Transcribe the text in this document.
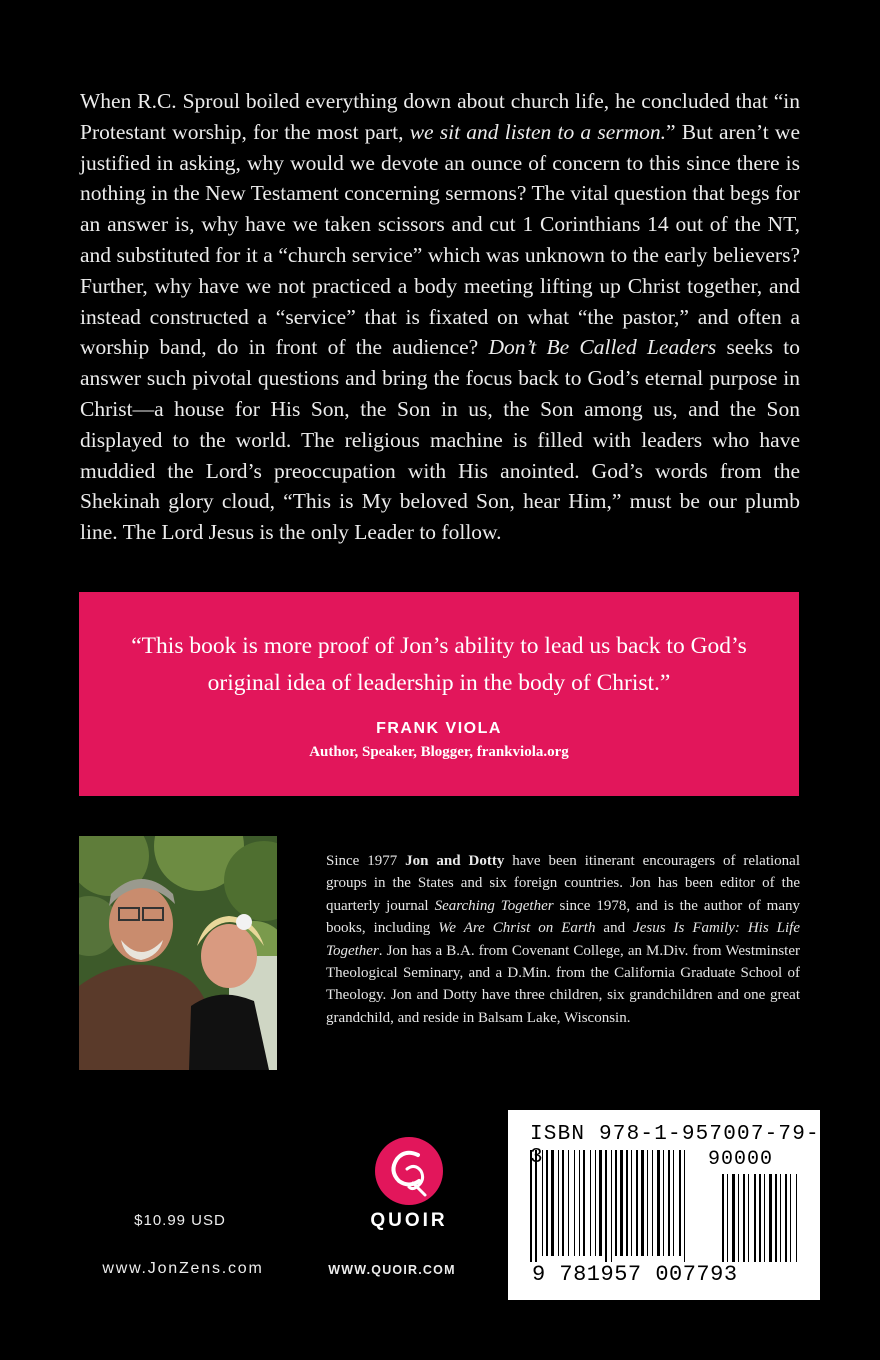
When R.C. Sproul boiled everything down about church life, he concluded that “in Protestant worship, for the most part, we sit and listen to a sermon.” But aren’t we justified in asking, why would we devote an ounce of concern to this since there is nothing in the New Testament concerning sermons? The vital question that begs for an answer is, why have we taken scissors and cut 1 Corinthians 14 out of the NT, and substituted for it a “church service” which was unknown to the early believers? Further, why have we not practiced a body meeting lifting up Christ together, and instead constructed a “service” that is fixated on what “the pastor,” and often a worship band, do in front of the audience? Don’t Be Called Leaders seeks to answer such pivotal questions and bring the focus back to God’s eternal purpose in Christ—a house for His Son, the Son in us, the Son among us, and the Son displayed to the world. The religious machine is filled with leaders who have muddied the Lord’s preoccupation with His anointed. God’s words from the Shekinah glory cloud, “This is My beloved Son, hear Him,” must be our plumb line. The Lord Jesus is the only Leader to follow.

“This book is more proof of Jon’s ability to lead us back to God’s original idea of leadership in the body of Christ.”
FRANK VIOLA
Author, Speaker, Blogger, frankviola.org
Since 1977 Jon and Dotty have been itinerant encouragers of relational groups in the States and six foreign countries. Jon has been editor of the quarterly journal Searching Together since 1978, and is the author of many books, including We Are Christ on Earth and Jesus Is Family: His Life Together. Jon has a B.A. from Covenant College, an M.Div. from Westminster Theological Seminary, and a D.Min. from the California Graduate School of Theology. Jon and Dotty have three children, six grandchildren and one great grandchild, and reside in Balsam Lake, Wisconsin.
QUOIR
$10.99 USD
www.JonZens.com	WWW.QUOIR.COM
ISBN 978-1-957007-79-3	90000
9 781957 007793
